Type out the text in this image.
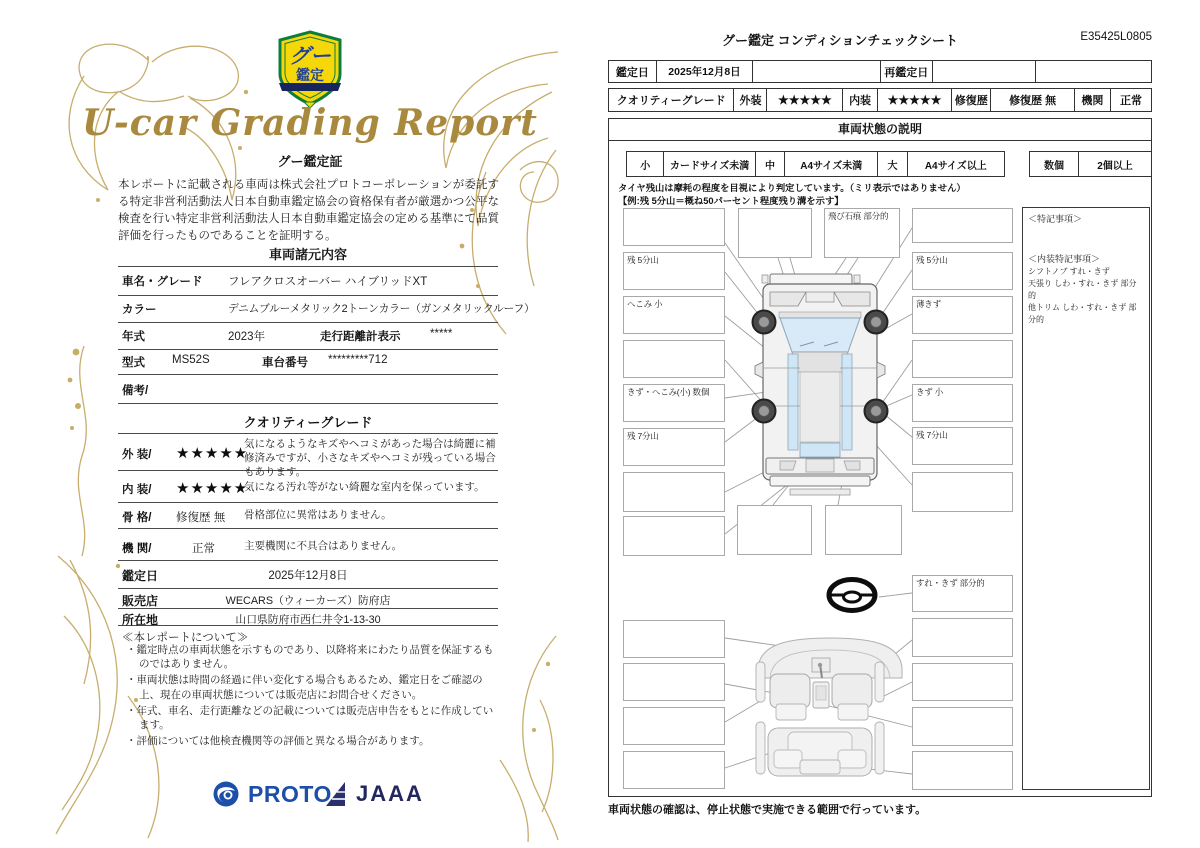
グー
鑑定
U-car Grading Report
グー鑑定証
本レポートに記載される車両は株式会社プロトコーポレーションが委託する特定非営利活動法人日本自動車鑑定協会の資格保有者が厳選かつ公平な検査を行い特定非営利活動法人日本自動車鑑定協会の定める基準にて品質評価を行ったものであることを証明する。
車両諸元内容
車名・グレード フレアクロスオーバー ハイブリッドXT
カラー	デニムブルーメタリック2トーンカラー（ガンメタリックルーフ）
年式	2023年	走行距離計表示	*****
型式 MS52S	車台番号 *********712
備考/
クオリティーグレード
外 装/ ★★★★★
気になるようなキズやヘコミがあった場合は綺麗に補修済みですが、小さなキズやヘコミが残っている場合もあります。
内 装/ ★★★★★
気になる汚れ等がない綺麗な室内を保っています。
骨 格/ 修復歴 無 骨格部位に異常はありません。
機 関/	正常	主要機関に不具合はありません。
鑑定日	2025年12月8日
販売店	WECARS（ウィーカーズ）防府店
所在地	山口県防府市西仁井令1-13-30
≪本レポートについて≫
・鑑定時点の車両状態を示すものであり、以降将来にわたり品質を保証するものではありません。
・車両状態は時間の経過に伴い変化する場合もあるため、鑑定日をご確認の上、現在の車両状態については販売店にお問合せください。
・年式、車名、走行距離などの記載については販売店申告をもとに作成しています。
・評価については他検査機関等の評価と異なる場合があります。
PROTO JAAA
グー鑑定 コンディションチェックシート	E35425L0805
鑑定日	2025年12月8日	再鑑定日
クオリティーグレード	外装	★★★★★	内装	★★★★★	修復歴	修復歴 無	機関	正常
車両状態の説明
小	カードサイズ未満	中	A4サイズ未満	大	A4サイズ以上	数個	2個以上
タイヤ残山は摩耗の程度を目視により判定しています。（ミリ表示ではありません）
【例:残 5分山＝概ね50パーセント程度残り溝を示す】
残 5分山
へこみ 小
きず・へこみ(小) 数個
残 7分山
残 5分山
薄きず
きず 小
残 7分山
飛び石痕 部分的
すれ・きず 部分的
＜特記事項＞
＜内装特記事項＞
シフトノブ すれ・きず
天張り しわ・すれ・きず 部分的
他トリム しわ・すれ・きず 部分的
車両状態の確認は、停止状態で実施できる範囲で行っています。
